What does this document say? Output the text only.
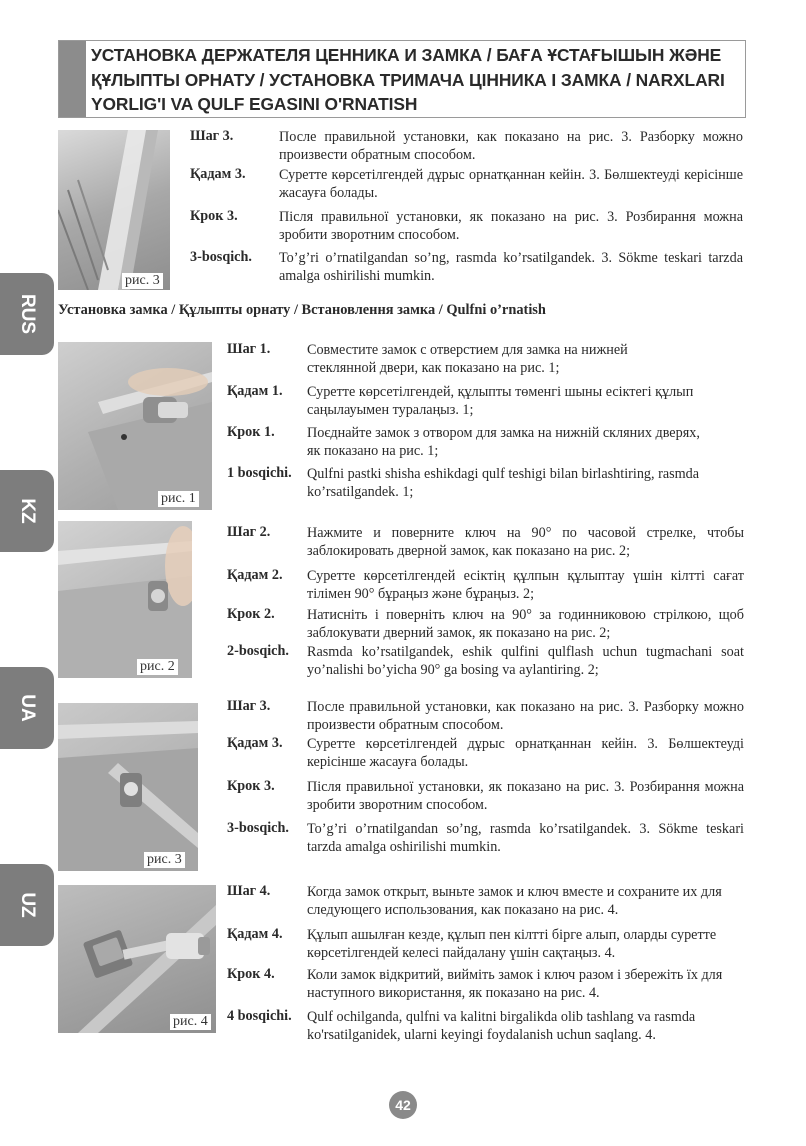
УСТАНОВКА ДЕРЖАТЕЛЯ ЦЕННИКА И ЗАМКА / БАҒА ҰСТАҒЫШЫН ЖӘНЕ ҚҰЛЫПТЫ ОРНАТУ / УСТАНОВКА ТРИМАЧА ЦІННИКА І ЗАМКА / NARXLARI YORLIG'I VA QULF EGASINI O'RNATISH
RUS
KZ
UA
UZ
рис. 3
Шаг 3.	После правильной установки, как показано на рис. 3. Разборку можно произвести обратным способом.
Қадам 3. Суретте көрсетілгендей дұрыс орнатқаннан кейін. 3. Бөлшектеуді керісінше жасауға болады.
Крок 3.	Після правильної установки, як показано на рис. 3. Розбирання можна зробити зворотним способом.
3-bosqich. To’g’ri o’rnatilgandan so’ng, rasmda ko’rsatilgandek. 3. Sökme teskari tarzda amalga oshirilishi mumkin.
Установка замка / Құлыпты орнату / Встановлення замка / Qulfni o’rnatish
рис. 1
Шаг 1.	Совместите замок с отверстием для замка на нижней стеклянной двери, как показано на рис. 1;
Қадам 1. Суретте көрсетілгендей, құлыпты төменгі шыны есіктегі құлып саңылауымен туралаңыз. 1;
Крок 1. Поєднайте замок з отвором для замка на нижній скляних дверях, як показано на рис. 1;
1 bosqichi. Qulfni pastki shisha eshikdagi qulf teshigi bilan birlashtiring, rasmda ko’rsatilgandek. 1;
рис. 2
Шаг 2.	Нажмите и поверните ключ на 90° по часовой стрелке, чтобы заблокировать дверной замок, как показано на рис. 2;
Қадам 2. Суретте көрсетілгендей есіктің құлпын құлыптау үшін кілтті сағат тілімен 90° бұраңыз және бұраңыз. 2;
Крок 2. Натисніть і поверніть ключ на 90° за годинниковою стрілкою, щоб заблокувати дверний замок, як показано на рис. 2;
2-bosqich. Rasmda ko’rsatilgandek, eshik qulfini qulflash uchun tugmachani soat yo’nalishi bo’yicha 90° ga bosing va aylantiring. 2;
рис. 3
Шаг 3.	После правильной установки, как показано на рис. 3. Разборку можно произвести обратным способом.
Қадам 3. Суретте көрсетілгендей дұрыс орнатқаннан кейін. 3. Бөлшектеуді керісінше жасауға болады.
Крок 3. Після правильної установки, як показано на рис. 3. Розбирання можна зробити зворотним способом.
3-bosqich. To’g’ri o’rnatilgandan so’ng, rasmda ko’rsatilgandek. 3. Sökme teskari tarzda amalga oshirilishi mumkin.
рис. 4
Шаг 4.	Когда замок открыт, выньте замок и ключ вместе и сохраните их для следующего использования, как показано на рис. 4.
Қадам 4. Құлып ашылған кезде, құлып пен кілтті бірге алып, оларды суретте көрсетілгендей келесі пайдалану үшін сақтаңыз. 4.
Крок 4. Коли замок відкритий, вийміть замок і ключ разом і збережіть їх для наступного використання, як показано на рис. 4.
4 bosqichi. Qulf ochilganda, qulfni va kalitni birgalikda olib tashlang va rasmda ko'rsatilganidek, ularni keyingi foydalanish uchun saqlang. 4.
42
